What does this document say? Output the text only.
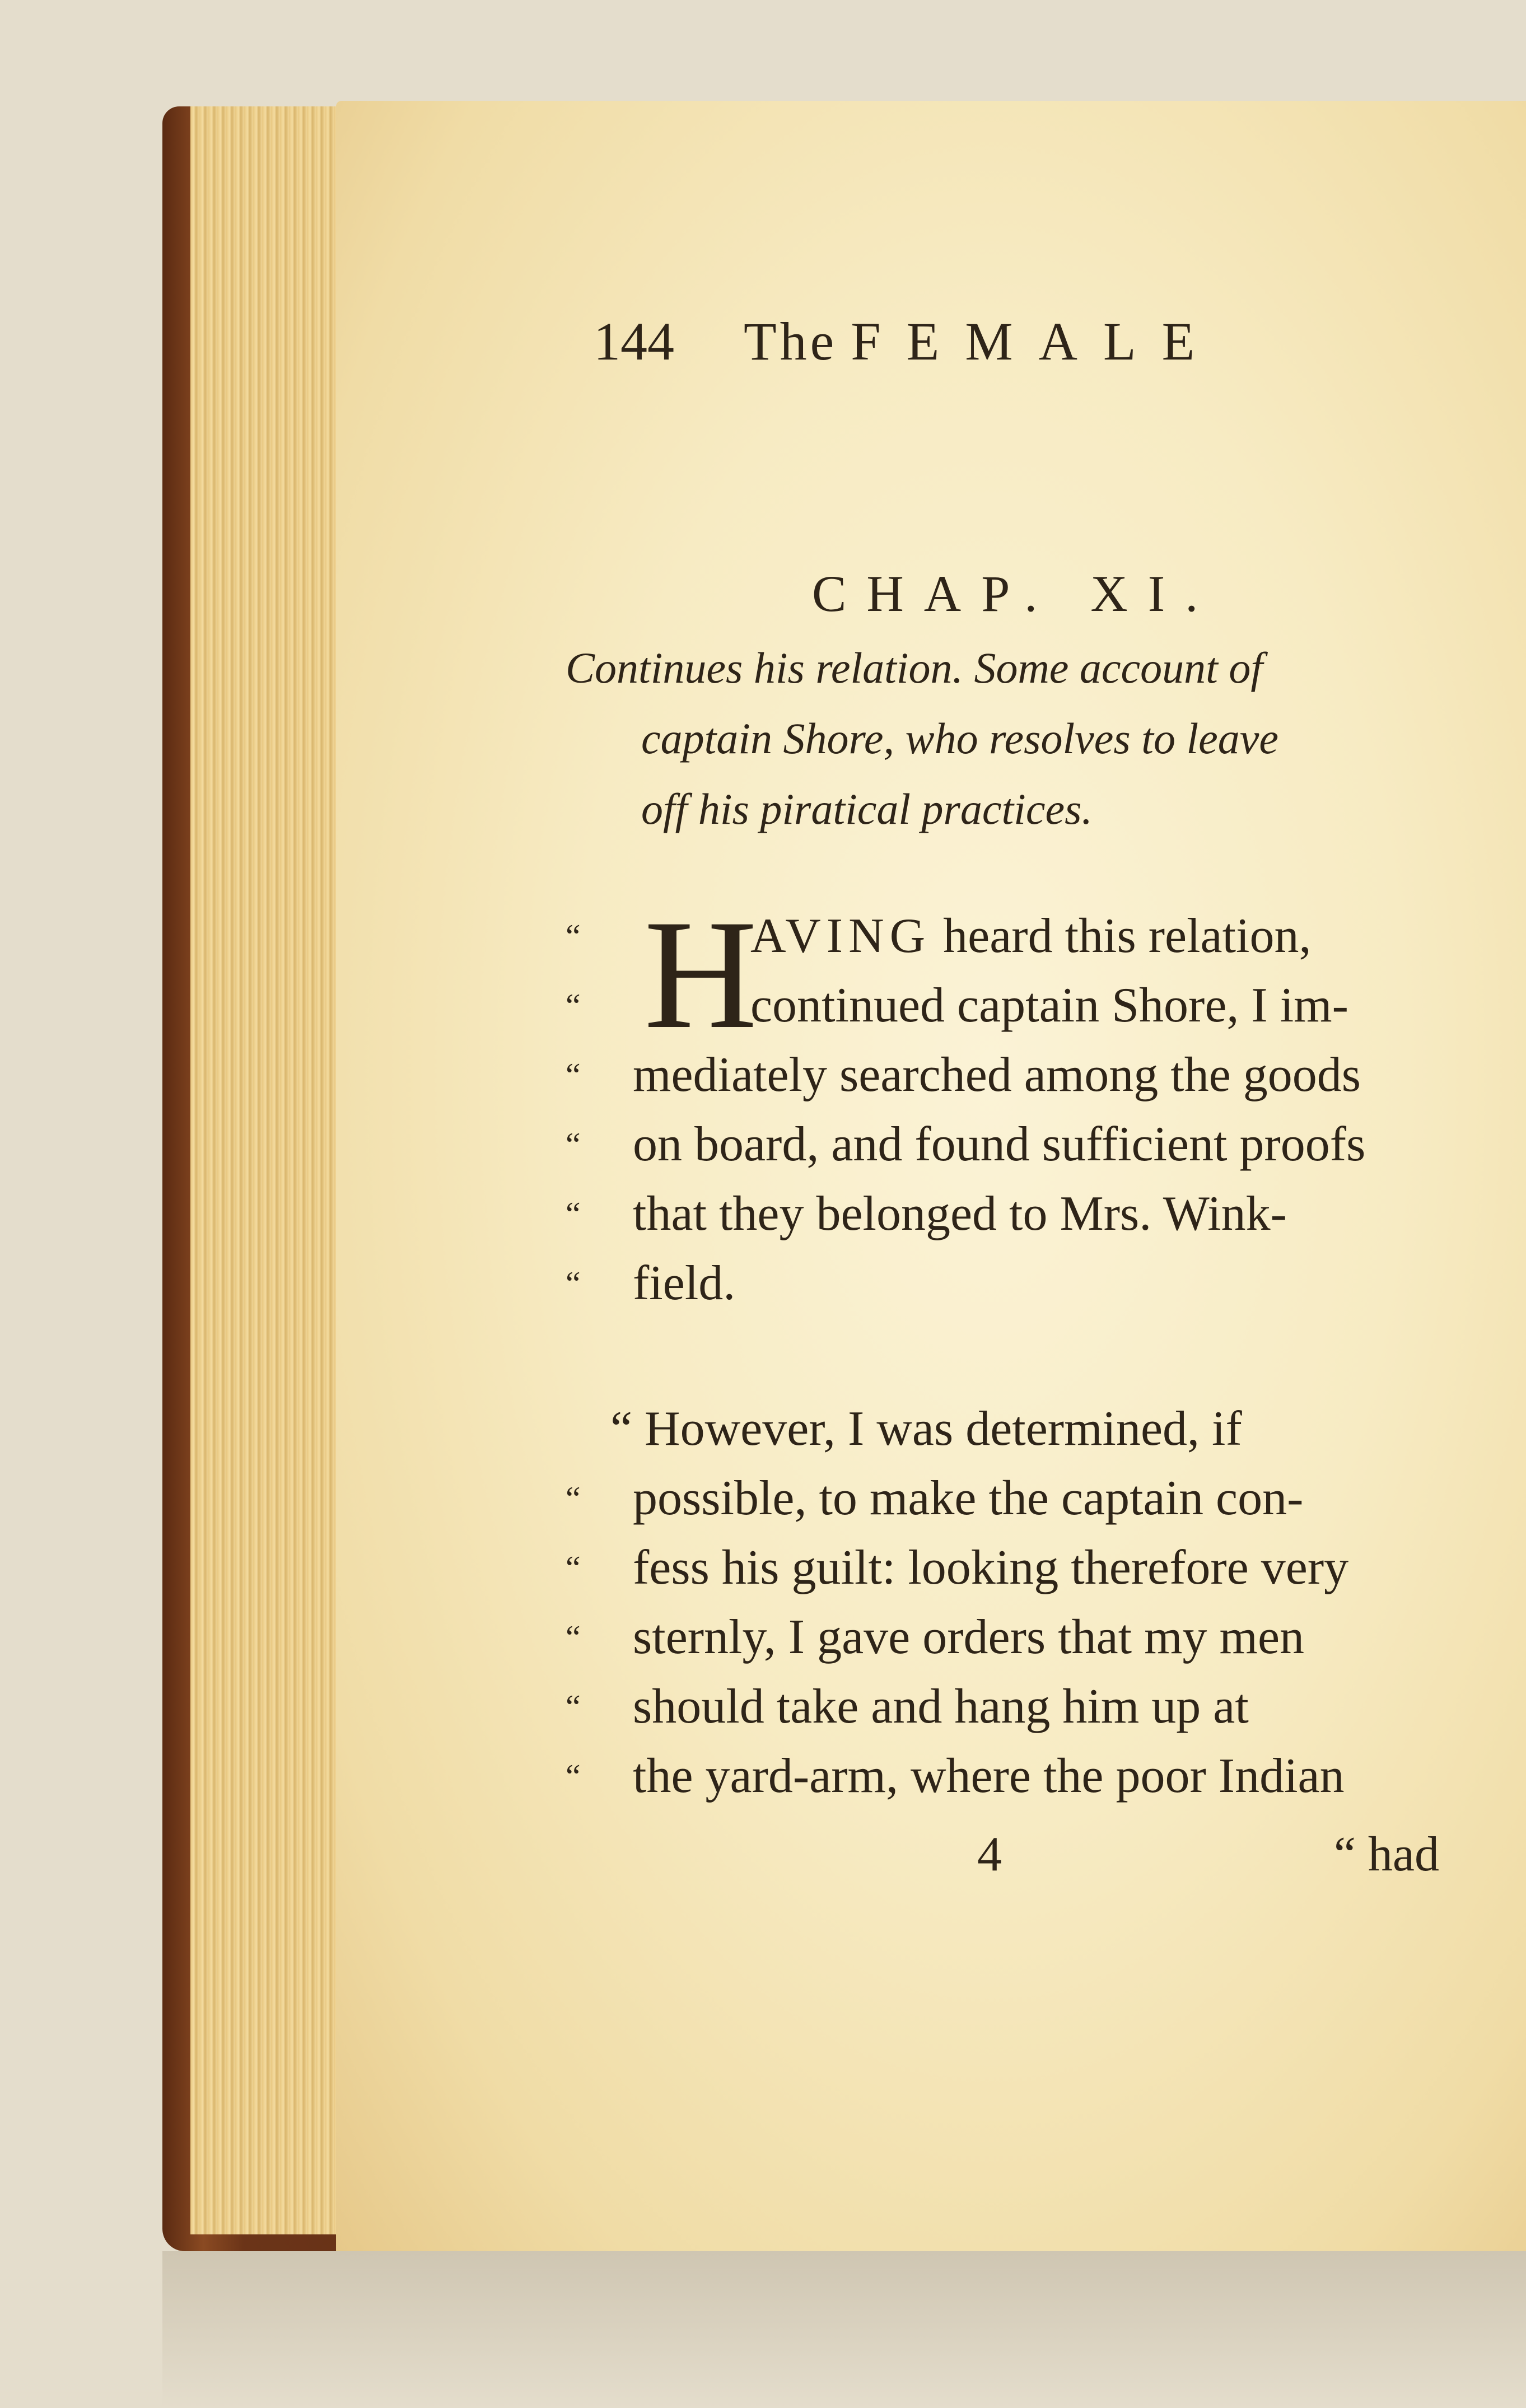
144 The FEMALE
CHAP. XI.
Continues his relation. Some account of
captain Shore, who resolves to leave
off his piratical practices.
“ H
AVING heard this relation,
“	continued captain Shore, I im-
“ mediately searched among the goods
“ on board, and found sufficient proofs
“ that they belonged to Mrs. Wink-
“ field.
“ However, I was determined, if
“ possible, to make the captain con-
“ fess his guilt: looking therefore very
“ sternly, I gave orders that my men
“ should take and hang him up at
“ the yard-arm, where the poor Indian
4	“ had
